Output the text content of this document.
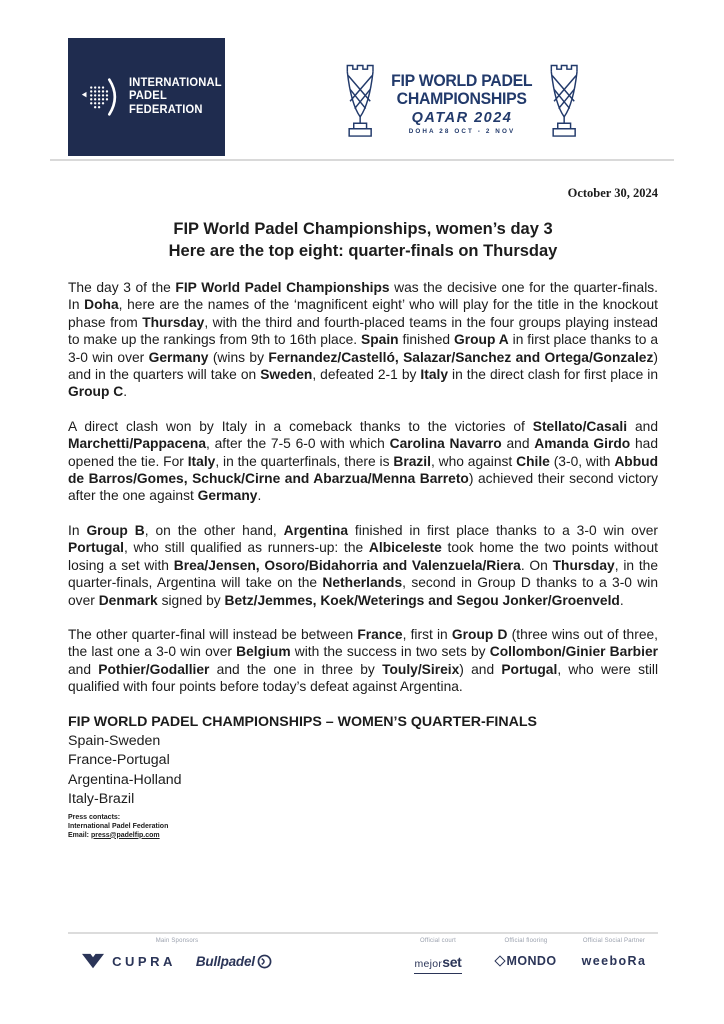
INTERNATIONAL
PADEL
FEDERATION
FIP WORLD PADEL
CHAMPIONSHIPS
QATAR 2024
DOHA 28 OCT - 2 NOV
October 30, 2024
FIP World Padel Championships, women’s day 3
Here are the top eight: quarter-finals on Thursday

The day 3 of the FIP World Padel Championships was the decisive one for the quarter-finals. In Doha, here are the names of the ‘magnificent eight’ who will play for the title in the knockout phase from Thursday, with the third and fourth-placed teams in the four groups playing instead to make up the rankings from 9th to 16th place. Spain finished Group A in first place thanks to a 3-0 win over Germany (wins by Fernandez/Castelló, Salazar/Sanchez and Ortega/Gonzalez) and in the quarters will take on Sweden, defeated 2-1 by Italy in the direct clash for first place in Group C.

A direct clash won by Italy in a comeback thanks to the victories of Stellato/Casali and Marchetti/Pappacena, after the 7-5 6-0 with which Carolina Navarro and Amanda Girdo had opened the tie. For Italy, in the quarterfinals, there is Brazil, who against Chile (3-0, with Abbud de Barros/Gomes, Schuck/Cirne and Abarzua/Menna Barreto) achieved their second victory after the one against Germany.

In Group B, on the other hand, Argentina finished in first place thanks to a 3-0 win over Portugal, who still qualified as runners-up: the Albiceleste took home the two points without losing a set with Brea/Jensen, Osoro/Bidahorria and Valenzuela/Riera. On Thursday, in the quarter-finals, Argentina will take on the Netherlands, second in Group D thanks to a 3-0 win over Denmark signed by Betz/Jemmes, Koek/Weterings and Segou Jonker/Groenveld.

The other quarter-final will instead be between France, first in Group D (three wins out of three, the last one a 3-0 win over Belgium with the success in two sets by Collombon/Ginier Barbier and Pothier/Godallier and the one in three by Touly/Sireix) and Portugal, who were still qualified with four points before today’s defeat against Argentina.

FIP WORLD PADEL CHAMPIONSHIPS – WOMEN’S QUARTER-FINALS
Spain-Sweden
France-Portugal
Argentina-Holland
Italy-Brazil
Press contacts:
International Padel Federation
Email: press@padelfip.com
Main Sponsors
CUPRA Bullpadel
Official court
mejorset
Official flooring
MONDO
Official Social Partner
weeboRa
